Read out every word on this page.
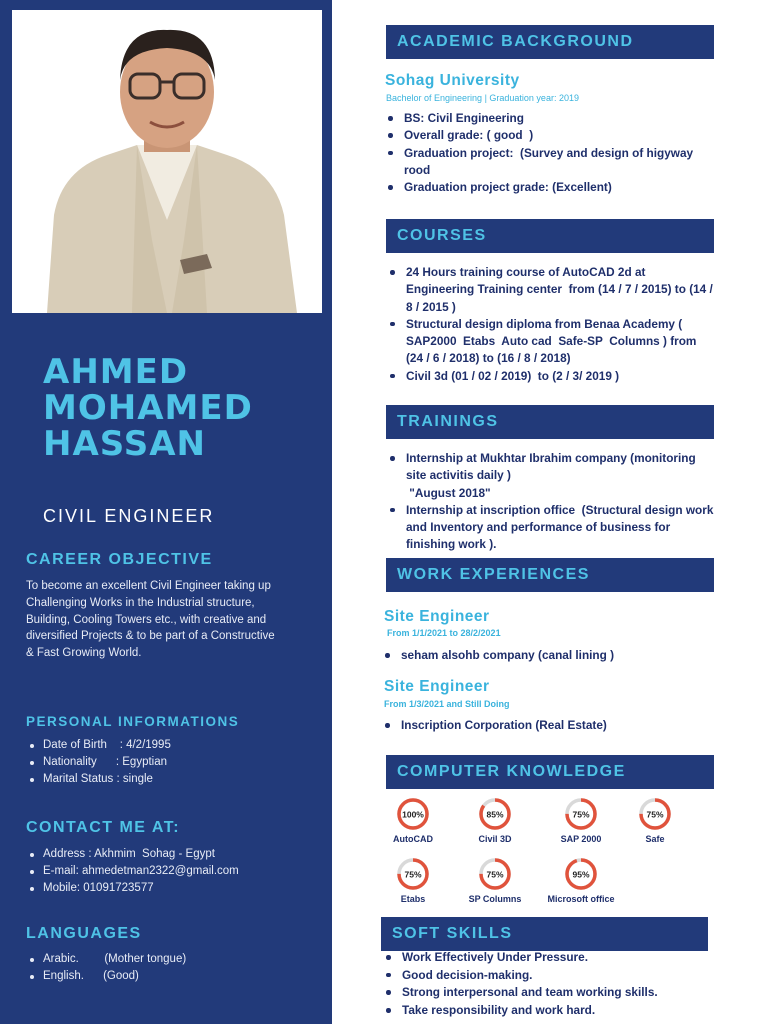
AHMED
MOHAMED
HASSAN
CIVIL ENGINEER
CAREER OBJECTIVE
To become an excellent Civil Engineer taking up Challenging Works in the Industrial structure, Building, Cooling Towers etc., with creative and diversified Projects & to be part of a Constructive & Fast Growing World.
PERSONAL INFORMATIONS
Date of Birth    : 4/2/1995
Nationality      : Egyptian
Marital Status : single
CONTACT ME AT:
Address : Akhmim  Sohag - Egypt
E-mail: ahmedetman2322@gmail.com
Mobile: 01091723577
LANGUAGES
Arabic.        (Mother tongue)
English.      (Good)
ACADEMIC BACKGROUND
Sohag University
Bachelor of Engineering | Graduation year: 2019
BS: Civil Engineering
Overall grade: ( good  )
Graduation project:  (Survey and design of higyway rood
Graduation project grade: (Excellent)
COURSES
24 Hours training course of AutoCAD 2d at Engineering Training center  from (14 / 7 / 2015) to (14 / 8 / 2015 )
Structural design diploma from Benaa Academy (    SAP2000  Etabs  Auto cad  Safe-SP  Columns ) from  (24 / 6 / 2018) to (16 / 8 / 2018)
Civil 3d (01 / 02 / 2019)  to (2 / 3/ 2019 )
TRAININGS
Internship at Mukhtar Ibrahim company (monitoring site activitis daily )
"August 2018"
Internship at inscription office  (Structural design work and Inventory and performance of business for finishing work ).
WORK EXPERIENCES
Site Engineer
From 1/1/2021 to 28/2/2021
seham alsohb company (canal lining )
Site Engineer
From 1/3/2021 and Still Doing
Inscription Corporation (Real Estate)
COMPUTER KNOWLEDGE
100%
AutoCAD
85%
Civil 3D
75%
SAP 2000
75%
Safe
75%
Etabs
75%
SP Columns
95%
Microsoft office
SOFT SKILLS
Work Effectively Under Pressure.
Good decision-making.
Strong interpersonal and team working skills.
Take responsibility and work hard.
